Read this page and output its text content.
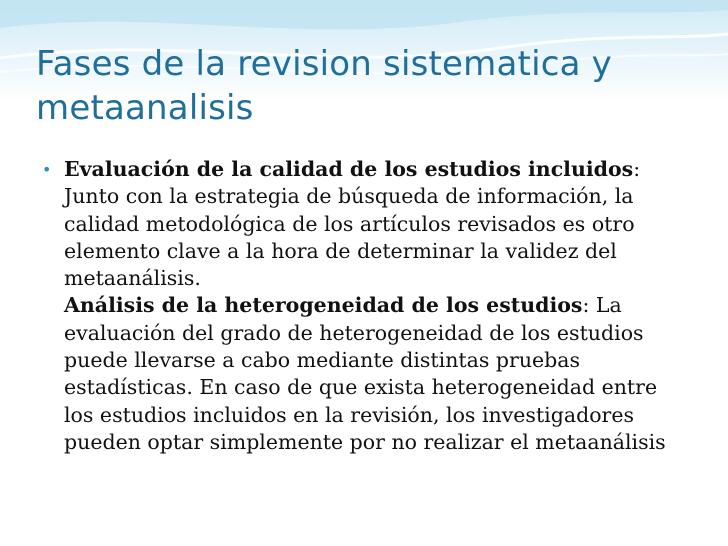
Fases de la revision sistematica y metaanalisis
• Evaluación de la calidad de los estudios incluidos: Junto con la estrategia de búsqueda de información, la calidad metodológica de los artículos revisados es otro elemento clave a la hora de determinar la validez del metaanálisis.

Análisis de la heterogeneidad de los estudios: La evaluación del grado de heterogeneidad de los estudios puede llevarse a cabo mediante distintas pruebas estadísticas. En caso de que exista heterogeneidad entre los estudios incluidos en la revisión, los investigadores pueden optar simplemente por no realizar el metaanálisis
